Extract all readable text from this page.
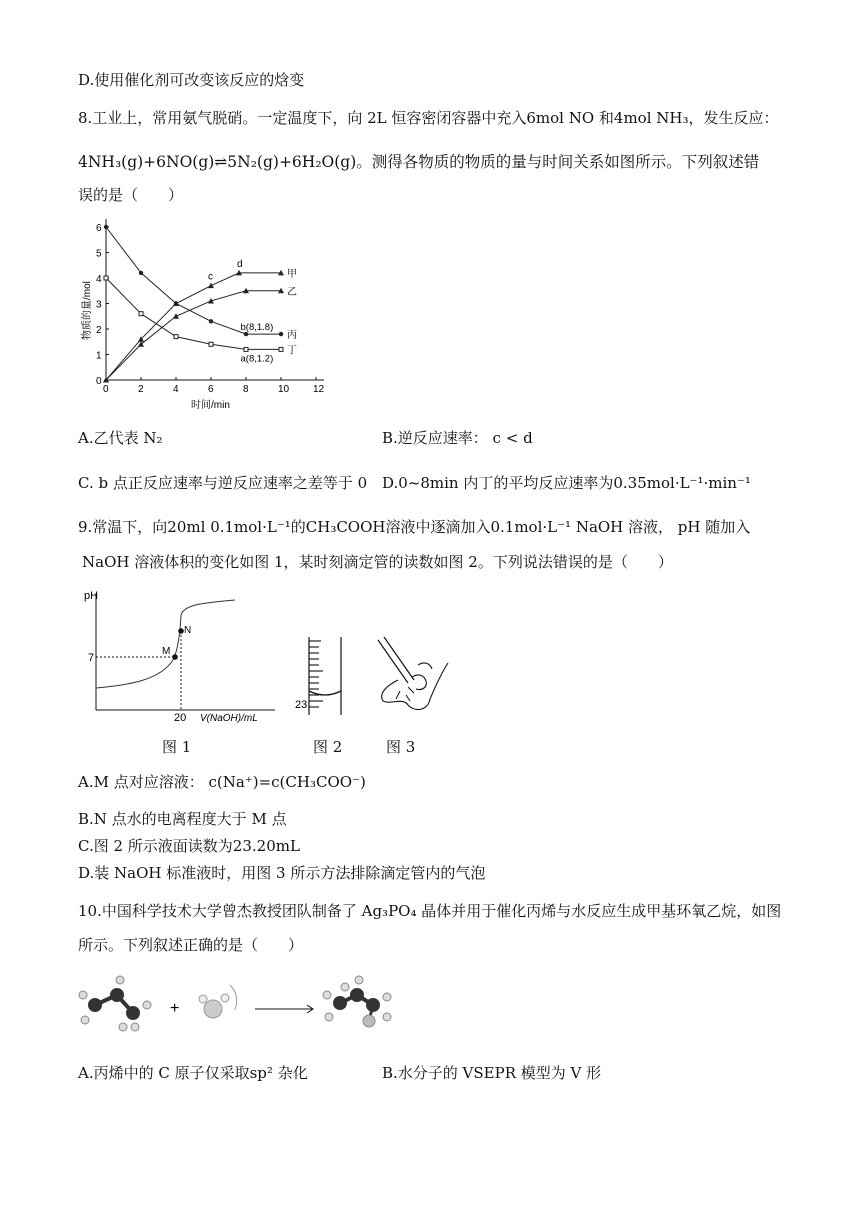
D.使用催化剂可改变该反应的焓变
8.工业上，常用氨气脱硝。一定温度下，向 2L 恒容密闭容器中充入6mol NO 和4mol NH₃，发生反应：
4NH₃(g)+6NO(g)⇌5N₂(g)+6H₂O(g)。测得各物质的物质的量与时间关系如图所示。下列叙述错
误的是（　　）
0	2	4	6	8	10 12
0
1
2
3
4
5
6
时间/min
物质的量/mol
甲
乙
丙
丁
c
d
b(8,1.8)
a(8,1.2)
A.乙代表 N₂	B.逆反应速率： c < d
C. b 点正反应速率与逆反应速率之差等于 0 D.0~8min 内丁的平均反应速率为0.35mol·L⁻¹·min⁻¹
9.常温下，向20ml 0.1mol·L⁻¹的CH₃COOH溶液中逐滴加入0.1mol·L⁻¹ NaOH 溶液， pH 随加入
NaOH 溶液体积的变化如图 1，某时刻滴定管的读数如图 2。下列说法错误的是（　　）
pH
7
M
N
20 V(NaOH)/mL
图 1
23
图 2	图 3
A.M 点对应溶液： c(Na⁺)=c(CH₃COO⁻)
B.N 点水的电离程度大于 M 点
C.图 2 所示液面读数为23.20mL
D.装 NaOH 标准液时，用图 3 所示方法排除滴定管内的气泡
10.中国科学技术大学曾杰教授团队制备了 Ag₃PO₄ 晶体并用于催化丙烯与水反应生成甲基环氧乙烷，如图
所示。下列叙述正确的是（　　）
+
A.丙烯中的 C 原子仅采取sp² 杂化	B.水分子的 VSEPR 模型为 V 形
